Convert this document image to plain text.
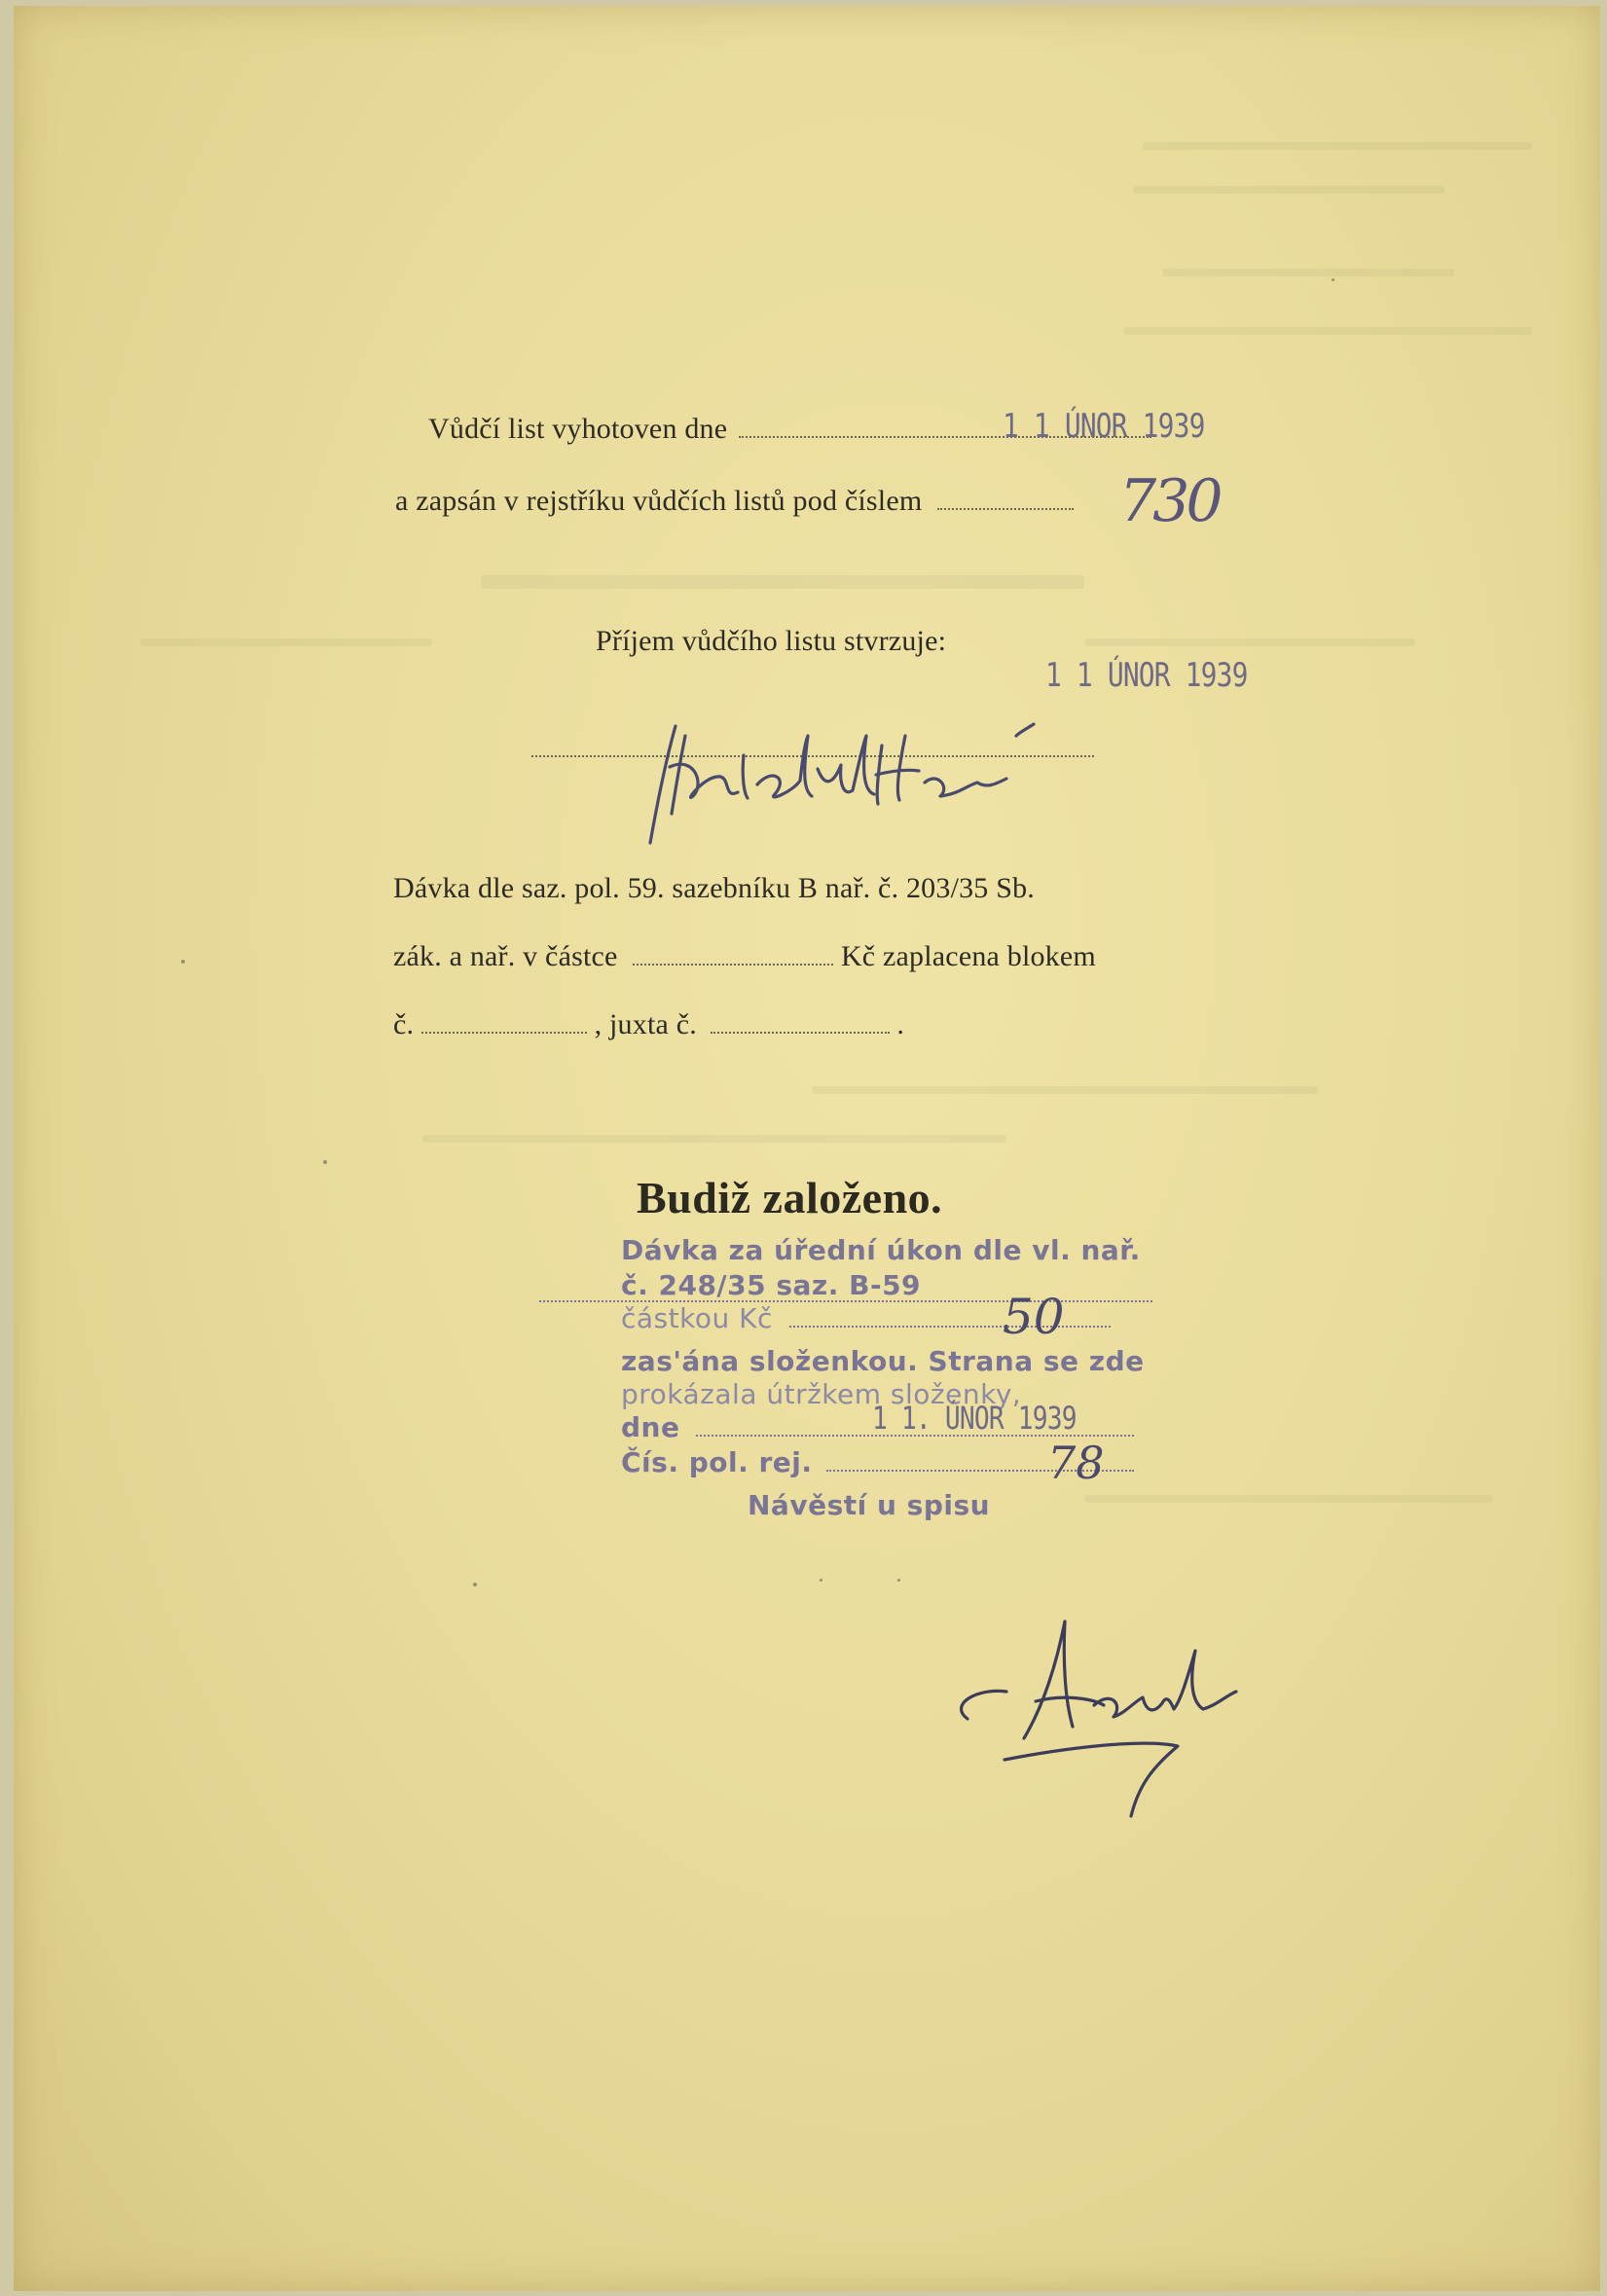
Vůdčí list vyhotoven dne	1 1 ÚNOR 1939
a zapsán v rejstříku vůdčích listů pod číslem	730
Příjem vůdčího listu stvrzuje:
1 1 ÚNOR 1939
Dávka dle saz. pol. 59. sazebníku B nař. č. 203/35 Sb.
zák. a nař. v částce	Kč zaplacena blokem
č.	, juxta č.	.
Budiž založeno.
Dávka za úřední úkon dle vl. nař.
č. 248/35 saz. B-59
částkou Kč	50
zas'ána složenkou. Strana se zde
prokázala útržkem složenky,
dne	1 1. ÚNOR 1939
Čís. pol. rej.	78
Návěstí u spisu
